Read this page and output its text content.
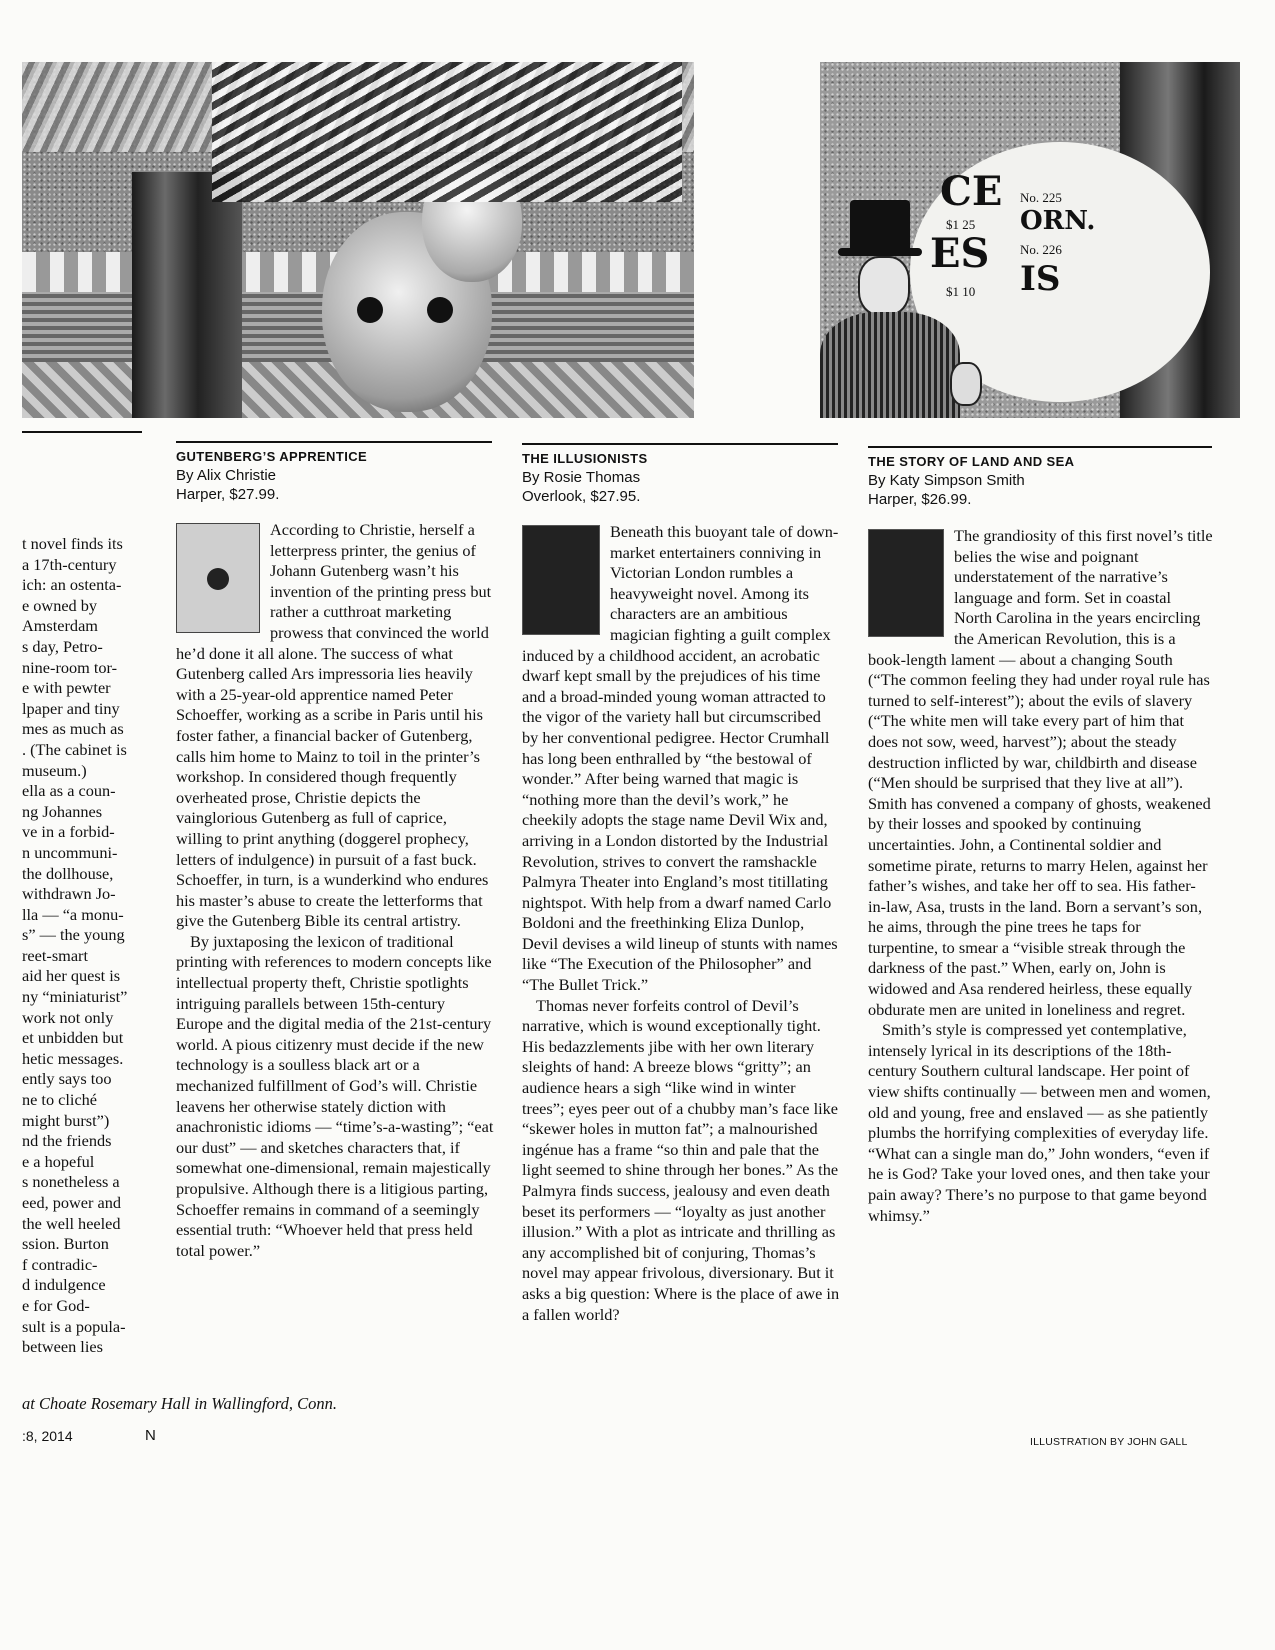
CE
$1 25
ES
$1 10
No. 225
ORN.
No. 226
IS
t novel finds its
a 17th-century
ich: an ostenta-
e owned by
Amsterdam
s day, Petro-
nine-room tor-
e with pewter
lpaper and tiny
mes as much as
. (The cabinet is
museum.)
ella as a coun-
ng Johannes
ve in a forbid-
n uncommuni-
the dollhouse,
withdrawn Jo-
lla — “a monu-
s” — the young
reet-smart
aid her quest is
ny “miniaturist”
work not only
et unbidden but
hetic messages.
ently says too
ne to cliché
might burst”)
nd the friends
e a hopeful
s nonetheless a
eed, power and
the well heeled
ssion. Burton
f contradic-
d indulgence
e for God-
sult is a popula-
between lies
GUTENBERG’S APPRENTICE
By Alix Christie
Harper, $27.99.

According to Christie, herself a letterpress printer, the genius of Johann Gutenberg wasn’t his invention of the printing press but rather a cutthroat marketing prowess that convinced the world he’d done it all alone. The success of what Gutenberg called Ars impressoria lies heavily with a 25-year-old apprentice named Peter Schoeffer, working as a scribe in Paris until his foster father, a financial backer of Gutenberg, calls him home to Mainz to toil in the printer’s workshop. In considered though frequently overheated prose, Christie depicts the vainglorious Gutenberg as full of caprice, willing to print anything (doggerel prophecy, letters of indulgence) in pursuit of a fast buck. Schoeffer, in turn, is a wunderkind who endures his master’s abuse to create the letterforms that give the Gutenberg Bible its central artistry.

By juxtaposing the lexicon of traditional printing with references to modern concepts like intellectual property theft, Christie spotlights intriguing parallels between 15th-century Europe and the digital media of the 21st-century world. A pious citizenry must decide if the new technology is a soulless black art or a mechanized fulfillment of God’s will. Christie leavens her otherwise stately diction with anachronistic idioms — “time’s-a-wasting”; “eat our dust” — and sketches characters that, if somewhat one-dimensional, remain majestically propulsive. Although there is a litigious parting, Schoeffer remains in command of a seemingly essential truth: “Whoever held that press held total power.”

THE ILLUSIONISTS
By Rosie Thomas
Overlook, $27.95.

Beneath this buoyant tale of down-market entertainers conniving in Victorian London rumbles a heavyweight novel. Among its characters are an ambitious magician fighting a guilt complex induced by a childhood accident, an acrobatic dwarf kept small by the prejudices of his time and a broad-minded young woman attracted to the vigor of the variety hall but circumscribed by her conventional pedigree. Hector Crumhall has long been enthralled by “the bestowal of wonder.” After being warned that magic is “nothing more than the devil’s work,” he cheekily adopts the stage name Devil Wix and, arriving in a London distorted by the Industrial Revolution, strives to convert the ramshackle Palmyra Theater into England’s most titillating nightspot. With help from a dwarf named Carlo Boldoni and the freethinking Eliza Dunlop, Devil devises a wild lineup of stunts with names like “The Execution of the Philosopher” and “The Bullet Trick.”

Thomas never forfeits control of Devil’s narrative, which is wound exceptionally tight. His bedazzlements jibe with her own literary sleights of hand: A breeze blows “gritty”; an audience hears a sigh “like wind in winter trees”; eyes peer out of a chubby man’s face like “skewer holes in mutton fat”; a malnourished ingénue has a frame “so thin and pale that the light seemed to shine through her bones.” As the Palmyra finds success, jealousy and even death beset its performers — “loyalty as just another illusion.” With a plot as intricate and thrilling as any accomplished bit of conjuring, Thomas’s novel may appear frivolous, diversionary. But it asks a big question: Where is the place of awe in a fallen world?

THE STORY OF LAND AND SEA
By Katy Simpson Smith
Harper, $26.99.

The grandiosity of this first novel’s title belies the wise and poignant understatement of the narrative’s language and form. Set in coastal North Carolina in the years encircling the American Revolution, this is a book-length lament — about a changing South (“The common feeling they had under royal rule has turned to self-interest”); about the evils of slavery (“The white men will take every part of him that does not sow, weed, harvest”); about the steady destruction inflicted by war, childbirth and disease (“Men should be surprised that they live at all”). Smith has convened a company of ghosts, weakened by their losses and spooked by continuing uncertainties. John, a Continental soldier and sometime pirate, returns to marry Helen, against her father’s wishes, and take her off to sea. His father-in-law, Asa, trusts in the land. Born a servant’s son, he aims, through the pine trees he taps for turpentine, to smear a “visible streak through the darkness of the past.” When, early on, John is widowed and Asa rendered heirless, these equally obdurate men are united in loneliness and regret.

Smith’s style is compressed yet contemplative, intensely lyrical in its descriptions of the 18th-century Southern cultural landscape. Her point of view shifts continually — between men and women, old and young, free and enslaved — as she patiently plumbs the horrifying complexities of everyday life. “What can a single man do,” John wonders, “even if he is God? Take your loved ones, and then take your pain away? There’s no purpose to that game beyond whimsy.”

at Choate Rosemary Hall in Wallingford, Conn.
:8, 2014	N	ILLUSTRATION BY JOHN GALL
